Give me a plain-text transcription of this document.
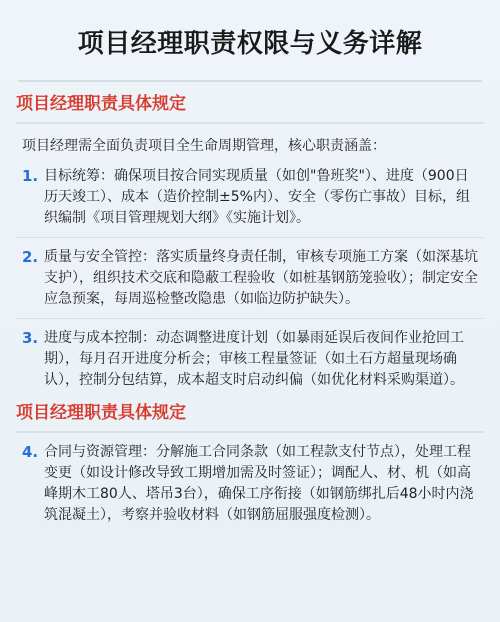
项目经理职责权限与义务详解
项目经理职责具体规定

项目经理需全面负责项目全生命周期管理，核心职责涵盖：

1. 目标统筹：确保项目按合同实现质量（如创"鲁班奖"）、进度（900日历天竣工）、成本（造价控制±5%内）、安全（零伤亡事故）目标，组织编制《项目管理规划大纲》《实施计划》。
2. 质量与安全管控：落实质量终身责任制，审核专项施工方案（如深基坑支护），组织技术交底和隐蔽工程验收（如桩基钢筋笼验收）；制定安全应急预案，每周巡检整改隐患（如临边防护缺失）。
3. 进度与成本控制：动态调整进度计划（如暴雨延误后夜间作业抢回工期），每月召开进度分析会；审核工程量签证（如土石方超量现场确认），控制分包结算，成本超支时启动纠偏（如优化材料采购渠道）。
项目经理职责具体规定
4. 合同与资源管理：分解施工合同条款（如工程款支付节点），处理工程变更（如设计修改导致工期增加需及时签证）；调配人、材、机（如高峰期木工80人、塔吊3台），确保工序衔接（如钢筋绑扎后48小时内浇筑混凝土），考察并验收材料（如钢筋屈服强度检测）。
